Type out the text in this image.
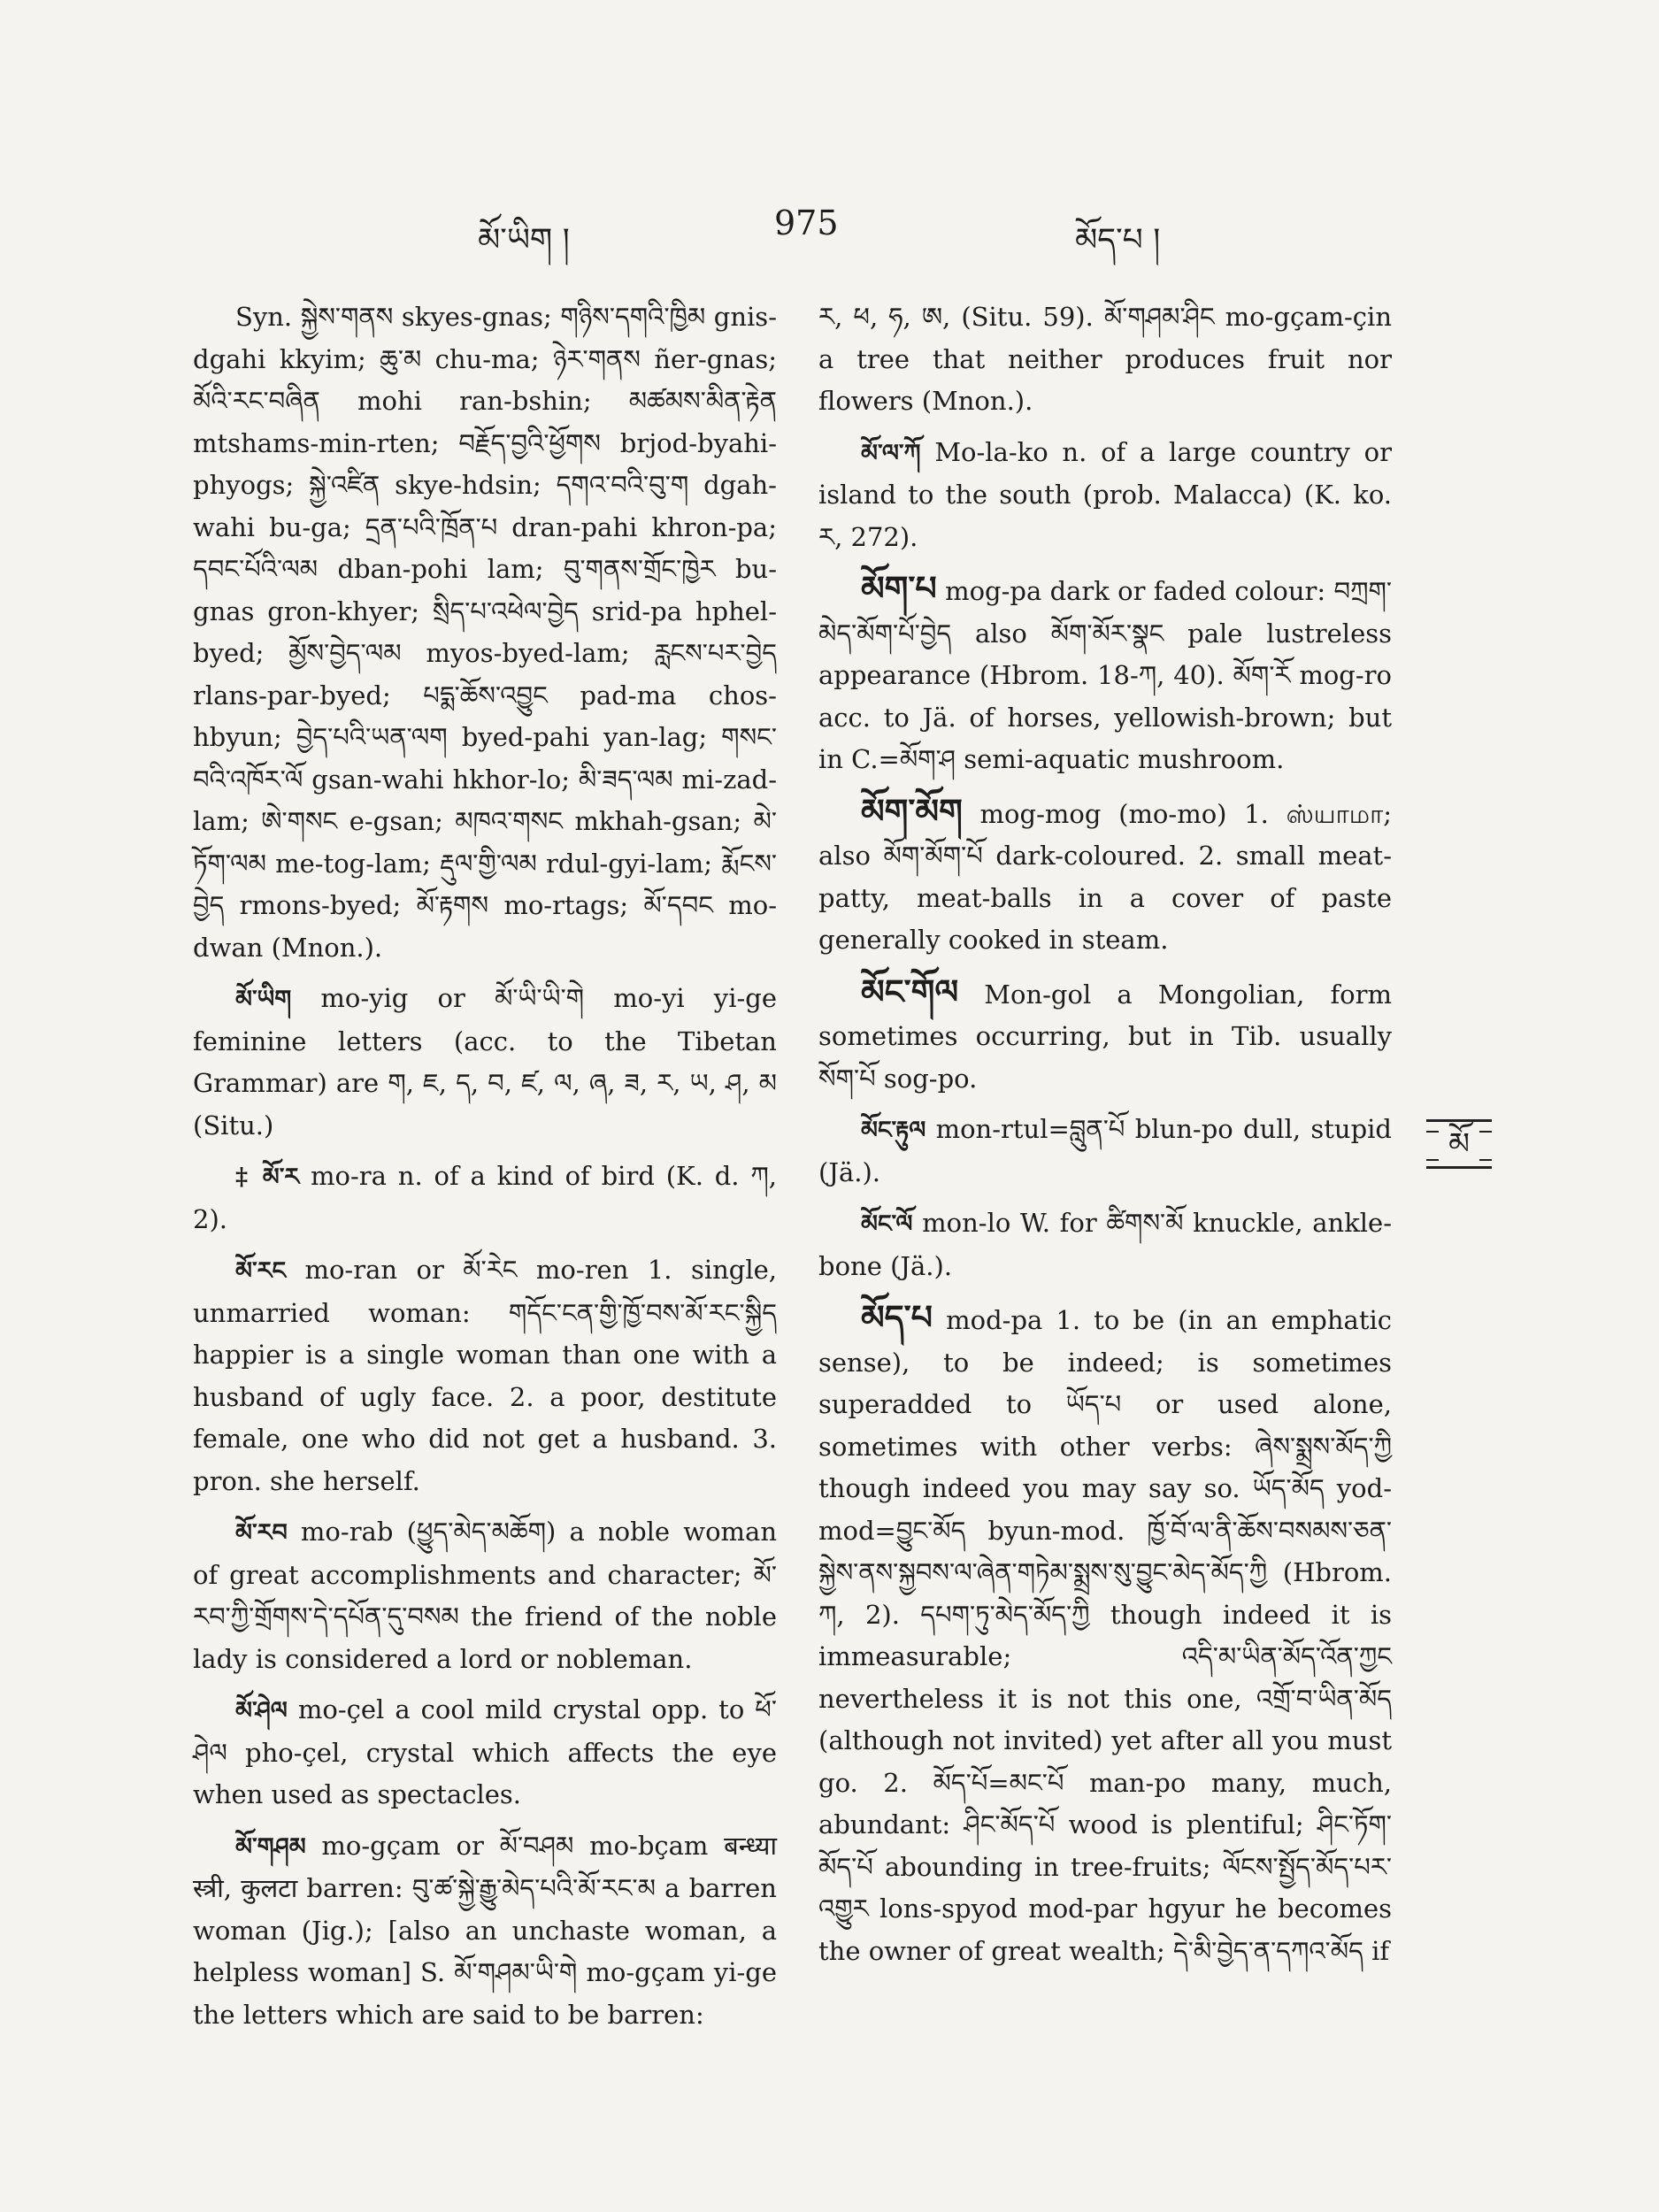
མོ་ཡིག །	975	མོད་པ །

Syn. སྐྱེས་གནས skyes-gnas; གཉིས་དགའི་ཁྱིམ gnis-dgahi kkyim; ཆུ་མ chu-ma; ཉེར་གནས ñer-gnas; མོའི་རང་བཞིན mohi ran-bshin; མཚམས་མིན་རྟེན mtshams-min-rten; བརྗོད་བྱའི་ཕྱོགས brjod-byahi-phyogs; སྐྱེ་འཛིན skye-hdsin; དགའ་བའི་བུ་ག dgah-wahi bu-ga; དྲན་པའི་ཁྲོན་པ dran-pahi khron-pa; དབང་པོའི་ལམ dban-pohi lam; བུ་གནས་གྲོང་ཁྱེར bu-gnas gron-khyer; སྲིད་པ་འཕེལ་བྱེད srid-pa hphel-byed; མྱོས་བྱེད་ལམ myos-byed-lam; རླངས་པར་བྱེད rlans-par-byed; པདྨ་ཆོས་འབྱུང pad-ma chos-hbyun; བྱེད་པའི་ཡན་ལག byed-pahi yan-lag; གསང་བའི་འཁོར་ལོ gsan-wahi hkhor-lo; མི་ཟད་ལམ mi-zad-lam; ཨེ་གསང e-gsan; མཁའ་གསང mkhah-gsan; མེ་ཏོག་ལམ me-tog-lam; རྡུལ་གྱི་ལམ rdul-gyi-lam; རྨོངས་བྱེད rmons-byed; མོ་རྟགས mo-rtags; མོ་དབང mo-dwan (Mnon.).

མོ་ཡིག mo-yig or མོ་ཡི་ཡི་གེ mo-yi yi-ge feminine letters (acc. to the Tibetan Grammar) are ག, ཇ, ད, བ, ཛ, ལ, ཞ, ཟ, ར, ཡ, ཤ, མ (Situ.)

‡ མོ་ར mo-ra n. of a kind of bird (K. d. ཀ, 2).

མོ་རང mo-ran or མོ་རེང mo-ren 1. single, unmarried woman: གདོང་ངན་གྱི་ཁྱོ་བས་མོ་རང་སྐྱིད happier is a single woman than one with a husband of ugly face. 2. a poor, destitute female, one who did not get a husband. 3. pron. she herself.

མོ་རབ mo-rab (ཕྱུད་མེད་མཆོག) a noble woman of great accomplishments and character; མོ་རབ་ཀྱི་གྲོགས་དེ་དཔོན་དུ་བསམ the friend of the noble lady is considered a lord or nobleman.

མོ་ཤེལ mo-çel a cool mild crystal opp. to ཕོ་ཤེལ pho-çel, crystal which affects the eye when used as spectacles.

མོ་གཤམ mo-gçam or མོ་བཤམ mo-bçam बन्ध्या स्त्री, कुलटा barren: བུ་ཚ་སྐྱེ་རྒྱུ་མེད་པའི་མོ་རང་མ a barren woman (Jig.); [also an unchaste woman, a helpless woman] S. མོ་གཤམ་ཡི་གེ mo-gçam yi-ge the letters which are said to be barren:

ར, ཕ, ཧ, ཨ, (Situ. 59). མོ་གཤམ་ཤིང mo-gçam-çin a tree that neither produces fruit nor flowers (Mnon.).

མོ་ལ་ཀོ Mo-la-ko n. of a large country or island to the south (prob. Malacca) (K. ko. ར, 272).

མོག་པ mog-pa dark or faded colour: བཀྲག་མེད་མོག་པོ་བྱེད also མོག་མོར་སྣང pale lustreless appearance (Hbrom. 18-ཀ, 40). མོག་རོ mog-ro acc. to Jä. of horses, yellowish-brown; but in C.=མོག་ཤ semi-aquatic mushroom.

མོག་མོག mog-mog (mo-mo) 1. ஸ்யாமா; also མོག་མོག་པོ dark-coloured. 2. small meat-patty, meat-balls in a cover of paste generally cooked in steam.

མོང་གོལ Mon-gol a Mongolian, form sometimes occurring, but in Tib. usually སོག་པོ sog-po.

མོང་རྟུལ mon-rtul=བླུན་པོ blun-po dull, stupid (Jä.).

མོང་ལོ mon-lo W. for ཚིགས་མོ knuckle, ankle-bone (Jä.).

མོད་པ mod-pa 1. to be (in an emphatic sense), to be indeed; is sometimes superadded to ཡོད་པ or used alone, sometimes with other verbs: ཞེས་སྨྲས་མོད་ཀྱི though indeed you may say so. ཡོད་མོད yod-mod=བྱུང་མོད byun-mod. ཁྱོ་བོ་ལ་ནི་ཆོས་བསམས་ཅན་སྐྱེས་ནས་སྐྱབས་ལ་ཞེན་གཏེམ་སྨྲས་སུ་བྱུང་མེད་མོད་ཀྱི (Hbrom. ཀ, 2). དཔག་ཏུ་མེད་མོད་ཀྱི though indeed it is immeasurable; འདི་མ་ཡིན་མོད་འོན་ཀྱང nevertheless it is not this one, འགྲོ་བ་ཡིན་མོད (although not invited) yet after all you must go. 2. མོད་པོ=མང་པོ man-po many, much, abundant: ཤིང་མོད་པོ wood is plentiful; ཤིང་ཏོག་མོད་པོ abounding in tree-fruits; ལོངས་སྤྱོད་མོད་པར་འགྱུར lons-spyod mod-par hgyur he becomes the owner of great wealth; དེ་མི་བྱེད་ན་དཀའ་མོད if

མོ
